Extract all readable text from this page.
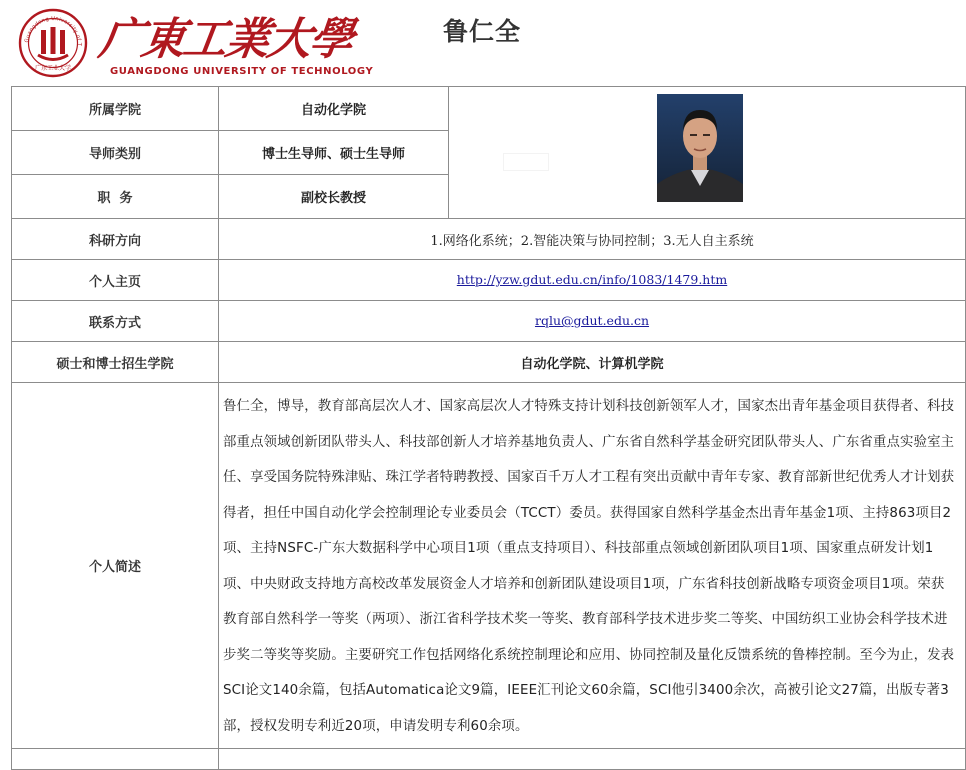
Guangdong University of T
广东工业大学
广東工業大學
GUANGDONG UNIVERSITY OF TECHNOLOGY
鲁仁全
所属学院	自动化学院	

导师类别	博士生导师、硕士生导师	
职  务	副校长教授	
科研方向	1.网络化系统；2.智能决策与协同控制；3.无人自主系统	
个人主页	http://yzw.gdut.edu.cn/info/1083/1479.htm	
联系方式	rqlu@gdut.edu.cn	
硕士和博士招生学院	自动化学院、计算机学院	
个人简述	鲁仁全，博导，教育部高层次人才、国家高层次人才特殊支持计划科技创新领军人才，国家杰出青年基金项目获得者、科技部重点领域创新团队带头人、科技部创新人才培养基地负责人、广东省自然科学基金研究团队带头人、广东省重点实验室主任、享受国务院特殊津贴、珠江学者特聘教授、国家百千万人才工程有突出贡献中青年专家、教育部新世纪优秀人才计划获得者，担任中国自动化学会控制理论专业委员会（TCCT）委员。获得国家自然科学基金杰出青年基金1项、主持863项目2项、主持NSFC-广东大数据科学中心项目1项（重点支持项目）、科技部重点领域创新团队项目1项、国家重点研发计划1项、中央财政支持地方高校改革发展资金人才培养和创新团队建设项目1项，广东省科技创新战略专项资金项目1项。荣获教育部自然科学一等奖（两项）、浙江省科学技术奖一等奖、教育部科学技术进步奖二等奖、中国纺织工业协会科学技术进步奖二等奖等奖励。主要研究工作包括网络化系统控制理论和应用、协同控制及量化反馈系统的鲁棒控制。至今为止，发表SCI论文140余篇，包括Automatica论文9篇，IEEE汇刊论文60余篇，SCI他引3400余次，高被引论文27篇，出版专著3部，授权发明专利近20项，申请发明专利60余项。	
